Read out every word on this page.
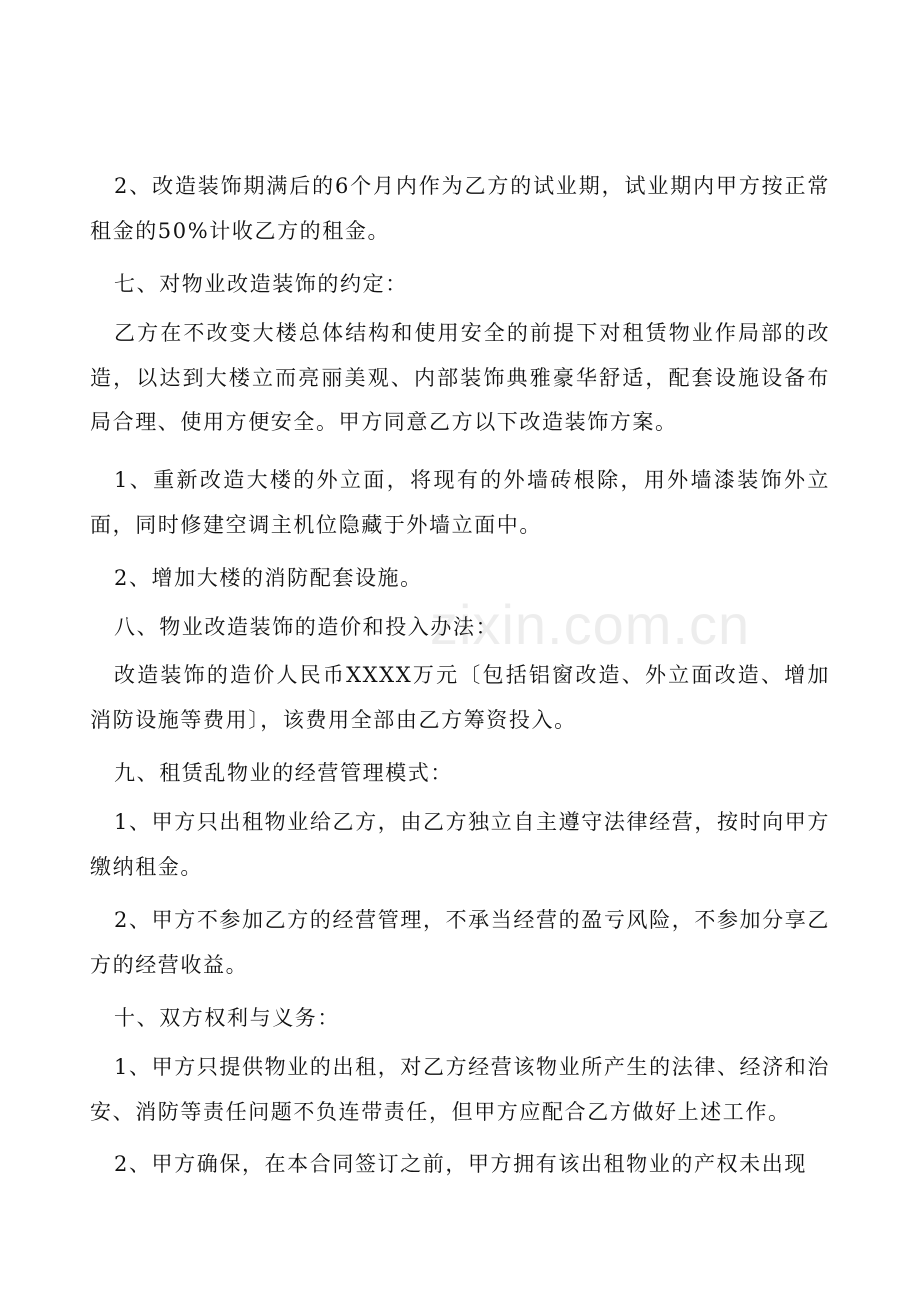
2、改造装饰期满后的6个月内作为乙方的试业期，试业期内甲方按正常租金的50%计收乙方的租金。

七、对物业改造装饰的约定：

乙方在不改变大楼总体结构和使用安全的前提下对租赁物业作局部的改造，以达到大楼立而亮丽美观、内部装饰典雅豪华舒适，配套设施设备布局合理、使用方便安全。甲方同意乙方以下改造装饰方案。

1、重新改造大楼的外立面，将现有的外墙砖根除，用外墙漆装饰外立面，同时修建空调主机位隐藏于外墙立面中。

2、增加大楼的消防配套设施。

八、物业改造装饰的造价和投入办法：

改造装饰的造价人民币XXXX万元〔包括铝窗改造、外立面改造、增加消防设施等费用〕，该费用全部由乙方筹资投入。

九、租赁乱物业的经营管理模式：

1、甲方只出租物业给乙方，由乙方独立自主遵守法律经营，按时向甲方缴纳租金。

2、甲方不参加乙方的经营管理，不承当经营的盈亏风险，不参加分享乙方的经营收益。

十、双方权利与义务：

1、甲方只提供物业的出租，对乙方经营该物业所产生的法律、经济和治安、消防等责任问题不负连带责任，但甲方应配合乙方做好上述工作。

2、甲方确保，在本合同签订之前，甲方拥有该出租物业的产权未出现

zixin.com.cn
